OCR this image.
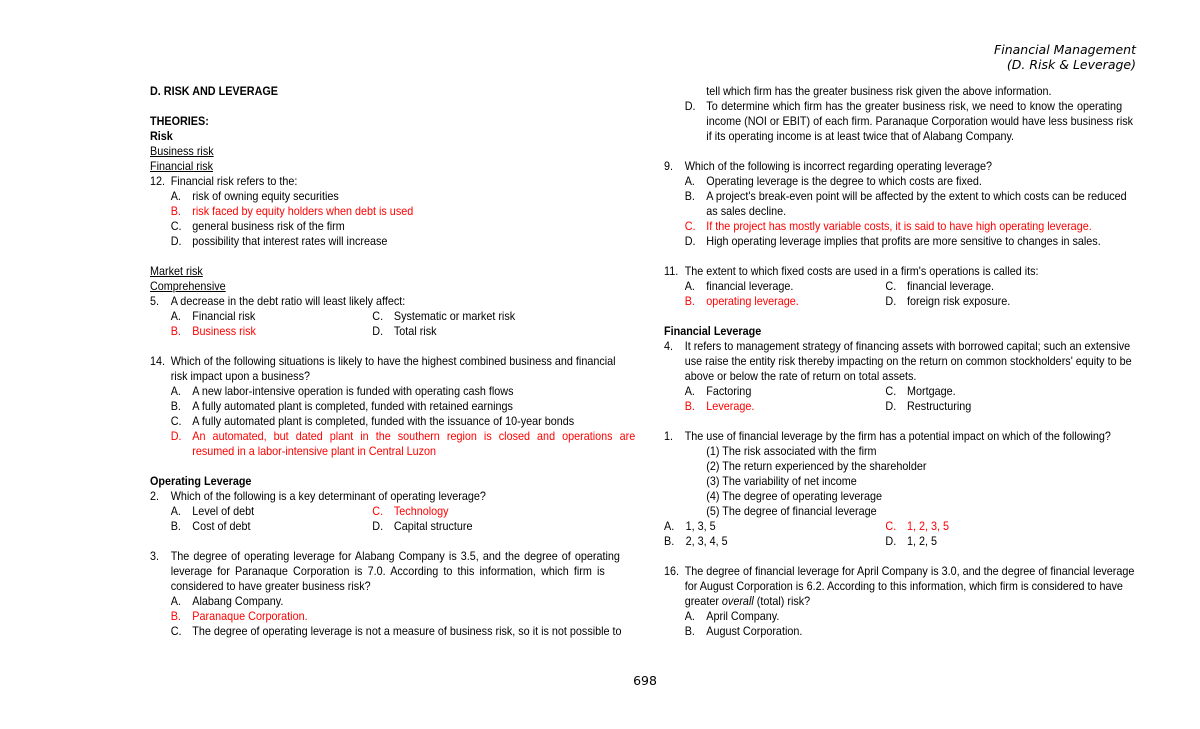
Financial Management
(D. Risk & Leverage)
D. RISK AND LEVERAGE
THEORIES:
Risk
Business risk
Financial risk
12. Financial risk refers to the:
A. risk of owning equity securities
B. risk faced by equity holders when debt is used
C. general business risk of the firm
D. possibility that interest rates will increase
Market risk
Comprehensive
5. A decrease in the debt ratio will least likely affect:
A. Financial risk	C. Systematic or market risk
B. Business risk	D. Total risk
14. Which of the following situations is likely to have the highest combined business and financial
risk impact upon a business?
A. A new labor-intensive operation is funded with operating cash flows
B. A fully automated plant is completed, funded with retained earnings
C. A fully automated plant is completed, funded with the issuance of 10-year bonds
D. An automated, but dated plant in the southern region is closed and operations are
resumed in a labor-intensive plant in Central Luzon
Operating Leverage
2. Which of the following is a key determinant of operating leverage?
A. Level of debt	C. Technology
B. Cost of debt	D. Capital structure
3. The degree of operating leverage for Alabang Company is 3.5, and the degree of operating
leverage for Paranaque Corporation is 7.0. According to this information, which firm is
considered to have greater business risk?
A. Alabang Company.
B. Paranaque Corporation.
C. The degree of operating leverage is not a measure of business risk, so it is not possible to
tell which firm has the greater business risk given the above information.
D. To determine which firm has the greater business risk, we need to know the operating
income (NOI or EBIT) of each firm. Paranaque Corporation would have less business risk
if its operating income is at least twice that of Alabang Company.
9. Which of the following is incorrect regarding operating leverage?
A. Operating leverage is the degree to which costs are fixed.
B. A project's break-even point will be affected by the extent to which costs can be reduced
as sales decline.
C. If the project has mostly variable costs, it is said to have high operating leverage.
D. High operating leverage implies that profits are more sensitive to changes in sales.
11. The extent to which fixed costs are used in a firm's operations is called its:
A. financial leverage.	C. financial leverage.
B. operating leverage.	D. foreign risk exposure.
Financial Leverage
4. It refers to management strategy of financing assets with borrowed capital; such an extensive
use raise the entity risk thereby impacting on the return on common stockholders' equity to be
above or below the rate of return on total assets.
A. Factoring	C. Mortgage.
B. Leverage.	D. Restructuring
1. The use of financial leverage by the firm has a potential impact on which of the following?
(1) The risk associated with the firm
(2) The return experienced by the shareholder
(3) The variability of net income
(4) The degree of operating leverage
(5) The degree of financial leverage
A. 1, 3, 5	C. 1, 2, 3, 5
B. 2, 3, 4, 5	D. 1, 2, 5
16. The degree of financial leverage for April Company is 3.0, and the degree of financial leverage
for August Corporation is 6.2. According to this information, which firm is considered to have
greater overall (total) risk?
A. April Company.
B. August Corporation.
698
